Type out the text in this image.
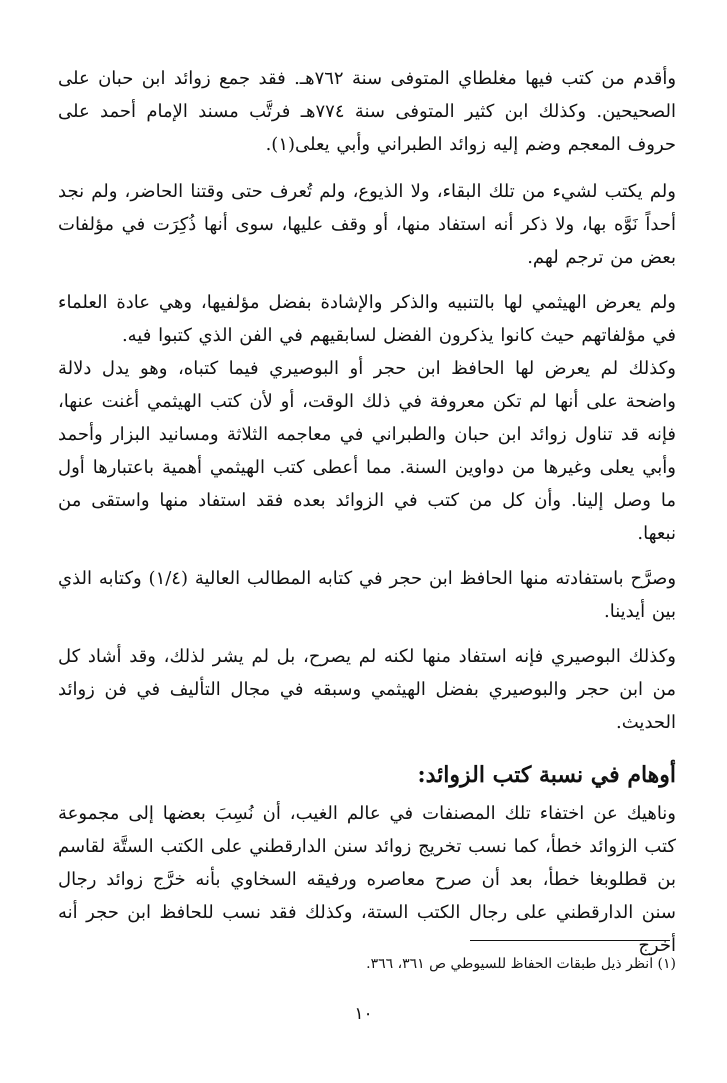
وأقدم من كتب فيها مغلطاي المتوفى سنة ٧٦٢هـ. فقد جمع زوائد ابن حبان على الصحيحين. وكذلك ابن كثير المتوفى سنة ٧٧٤هـ فرتَّب مسند الإمام أحمد على حروف المعجم وضم إليه زوائد الطبراني وأبي يعلى(١).

ولم يكتب لشيء من تلك البقاء، ولا الذيوع، ولم تُعرف حتى وقتنا الحاضر، ولم نجد أحداً نَوَّه بها، ولا ذكر أنه استفاد منها، أو وقف عليها، سوى أنها ذُكِرَت في مؤلفات بعض من ترجم لهم.

ولم يعرض الهيثمي لها بالتنبيه والذكر والإشادة بفضل مؤلفيها، وهي عادة العلماء في مؤلفاتهم حيث كانوا يذكرون الفضل لسابقيهم في الفن الذي كتبوا فيه.

وكذلك لم يعرض لها الحافظ ابن حجر أو البوصيري فيما كتباه، وهو يدل دلالة واضحة على أنها لم تكن معروفة في ذلك الوقت، أو لأن كتب الهيثمي أغنت عنها، فإنه قد تناول زوائد ابن حبان والطبراني في معاجمه الثلاثة ومسانيد البزار وأحمد وأبي يعلى وغيرها من دواوين السنة. مما أعطى كتب الهيثمي أهمية باعتبارها أول ما وصل إلينا. وأن كل من كتب في الزوائد بعده فقد استفاد منها واستقى من نبعها.

وصرَّح باستفادته منها الحافظ ابن حجر في كتابه المطالب العالية (١/٤) وكتابه الذي بين أيدينا.

وكذلك البوصيري فإنه استفاد منها لكنه لم يصرح، بل لم يشر لذلك، وقد أشاد كل من ابن حجر والبوصيري بفضل الهيثمي وسبقه في مجال التأليف في فن زوائد الحديث.

أوهام في نسبة كتب الزوائد:

وناهيك عن اختفاء تلك المصنفات في عالم الغيب، أن نُسِبَ بعضها إلى مجموعة كتب الزوائد خطأ، كما نسب تخريج زوائد سنن الدارقطني على الكتب الستَّة لقاسم بن قطلوبغا خطأ، بعد أن صرح معاصره ورفيقه السخاوي بأنه خرَّج زوائد رجال سنن الدارقطني على رجال الكتب الستة، وكذلك فقد نسب للحافظ ابن حجر أنه أخرج

(١) انظر ذيل طبقات الحفاظ للسيوطي ص ٣٦١، ٣٦٦.
١٠
